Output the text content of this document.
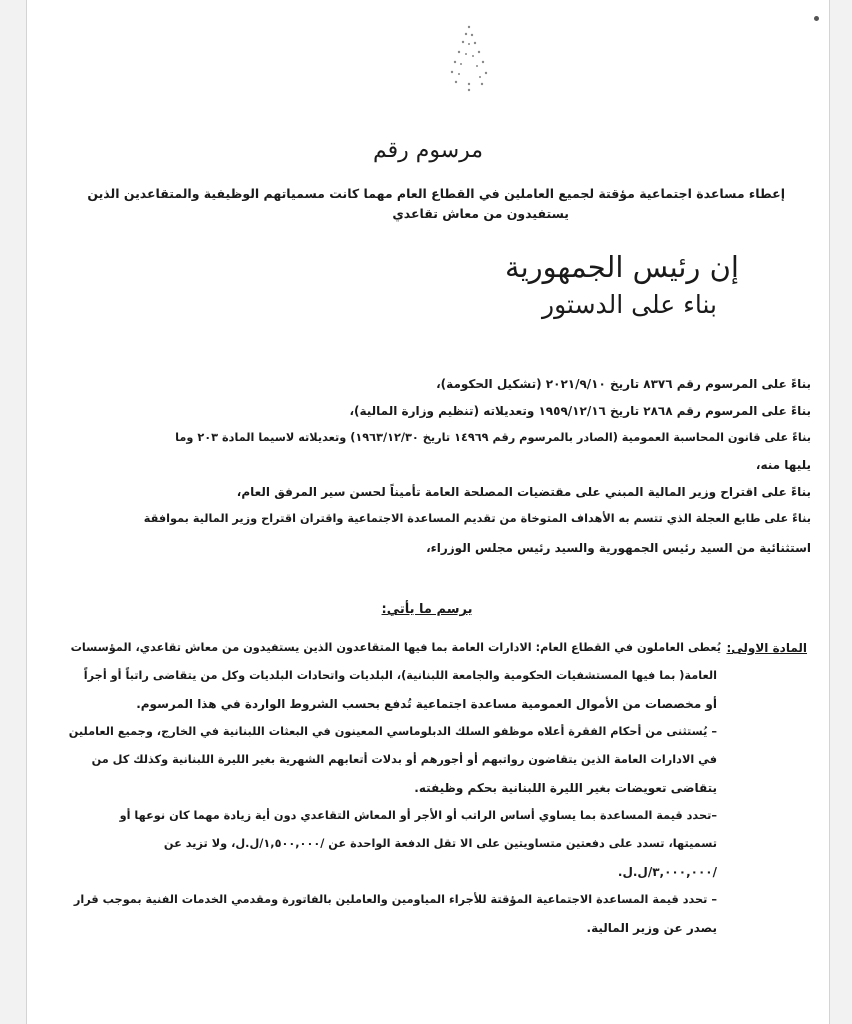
مرسوم رقم
إعطاء مساعدة اجتماعية مؤقتة لجميع العاملين في القطاع العام مهما كانت مسمياتهم الوظيفية والمتقاعدين الذين
يستفيدون من معاش تقاعدي
إن رئيس الجمهورية
بناء على الدستور
بناءً على المرسوم رقم ٨٣٧٦ تاريخ ٢٠٢١/٩/١٠ (تشكيل الحكومة)،
بناءً على المرسوم رقم ٢٨٦٨ تاريخ ١٩٥٩/١٢/١٦ وتعديلاته (تنظيم وزارة المالية)،
بناءً على قانون المحاسبة العمومية (الصادر بالمرسوم رقم ١٤٩٦٩ تاريخ ١٩٦٣/١٢/٣٠) وتعديلاته لاسيما المادة ٢٠٣ وما
يليها منه،
بناءً على اقتراح وزير المالية المبني على مقتضيات المصلحة العامة تأميناً لحسن سير المرفق العام،
بناءً على طابع العجلة الذي تتسم به الأهداف المتوخاة من تقديم المساعدة الاجتماعية واقتران اقتراح وزير المالية بموافقة
استثنائية من السيد رئيس الجمهورية والسيد رئيس مجلس الوزراء،
يرسم ما يأتي:
المادة الاولى:
يُعطى العاملون في القطاع العام: الادارات العامة بما فيها المتقاعدون الذين يستفيدون من معاش تقاعدي، المؤسسات
العامة( بما فيها المستشفيات الحكومية والجامعة اللبنانية)، البلديات واتحادات البلديات وكل من يتقاضى راتباً أو أجراً
أو مخصصات من الأموال العمومية مساعدة اجتماعية تُدفع بحسب الشروط الواردة في هذا المرسوم.
– يُستثنى من أحكام الفقرة أعلاه موظفو السلك الدبلوماسي المعينون في البعثات اللبنانية في الخارج، وجميع العاملين
في الادارات العامة الذين يتقاضون رواتبهم أو أجورهم أو بدلات أتعابهم الشهرية بغير الليرة اللبنانية وكذلك كل من
يتقاضى تعويضات بغير الليرة اللبنانية بحكم وظيفته.
–تحدد قيمة المساعدة بما يساوي أساس الراتب أو الأجر أو المعاش التقاعدي دون أية زيادة مهما كان نوعها أو
تسميتها، تسدد على دفعتين متساويتين على الا تقل الدفعة الواحدة عن /١,٥٠٠,٠٠٠/ل.ل، ولا تزيد عن
/٣,٠٠٠,٠٠٠/ل.ل.
– تحدد قيمة المساعدة الاجتماعية المؤقتة للأجراء المياومين والعاملين بالفاتورة ومقدمي الخدمات الفنية بموجب قرار
يصدر عن وزير المالية.
